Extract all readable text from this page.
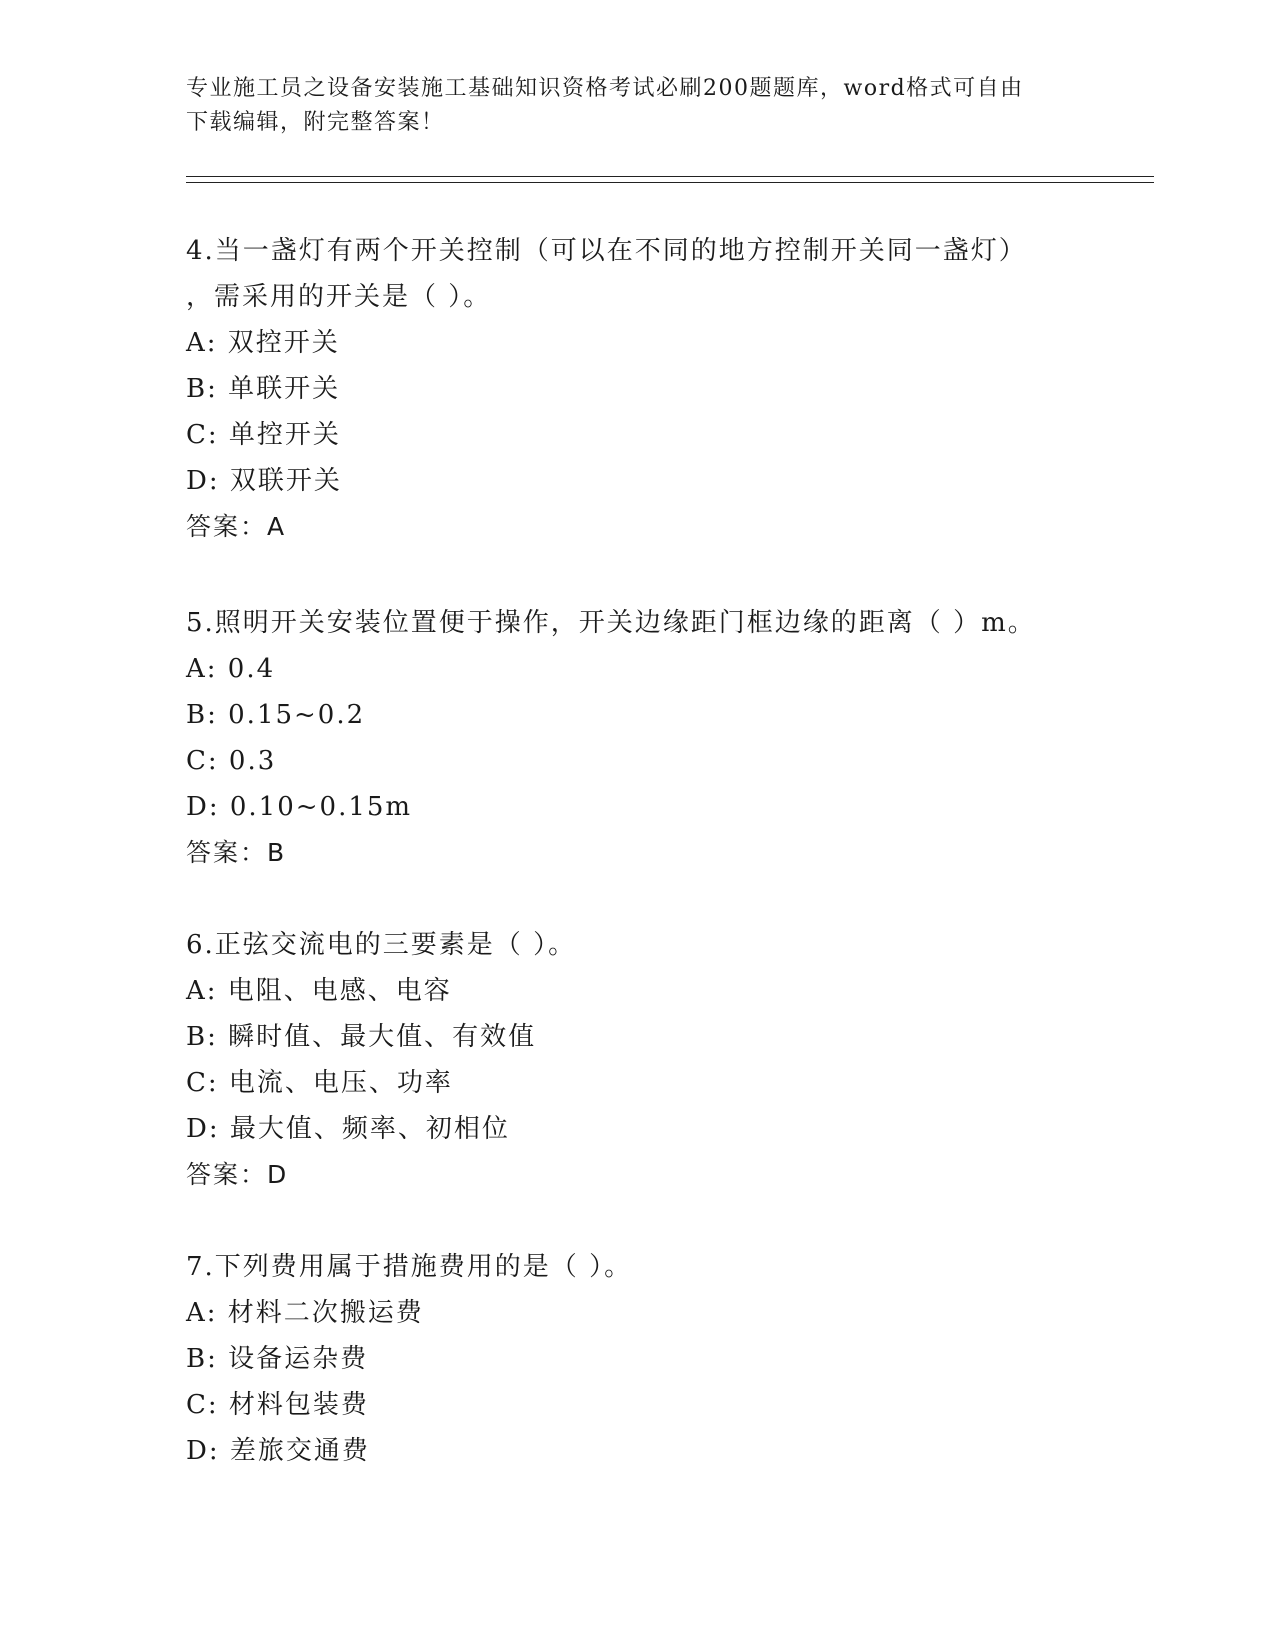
专业施工员之设备安装施工基础知识资格考试必刷200题题库，word格式可自由
下载编辑，附完整答案！
4.当一盏灯有两个开关控制（可以在不同的地方控制开关同一盏灯）
，需采用的开关是（ ）。
A: 双控开关
B: 单联开关
C: 单控开关
D: 双联开关
答案：A
5.照明开关安装位置便于操作，开关边缘距门框边缘的距离（ ）m。
A: 0.4
B: 0.15~0.2
C: 0.3
D: 0.10~0.15m
答案：B
6.正弦交流电的三要素是（ ）。
A: 电阻、电感、电容
B: 瞬时值、最大值、有效值
C: 电流、电压、功率
D: 最大值、频率、初相位
答案：D
7.下列费用属于措施费用的是（ ）。
A: 材料二次搬运费
B: 设备运杂费
C: 材料包装费
D: 差旅交通费
